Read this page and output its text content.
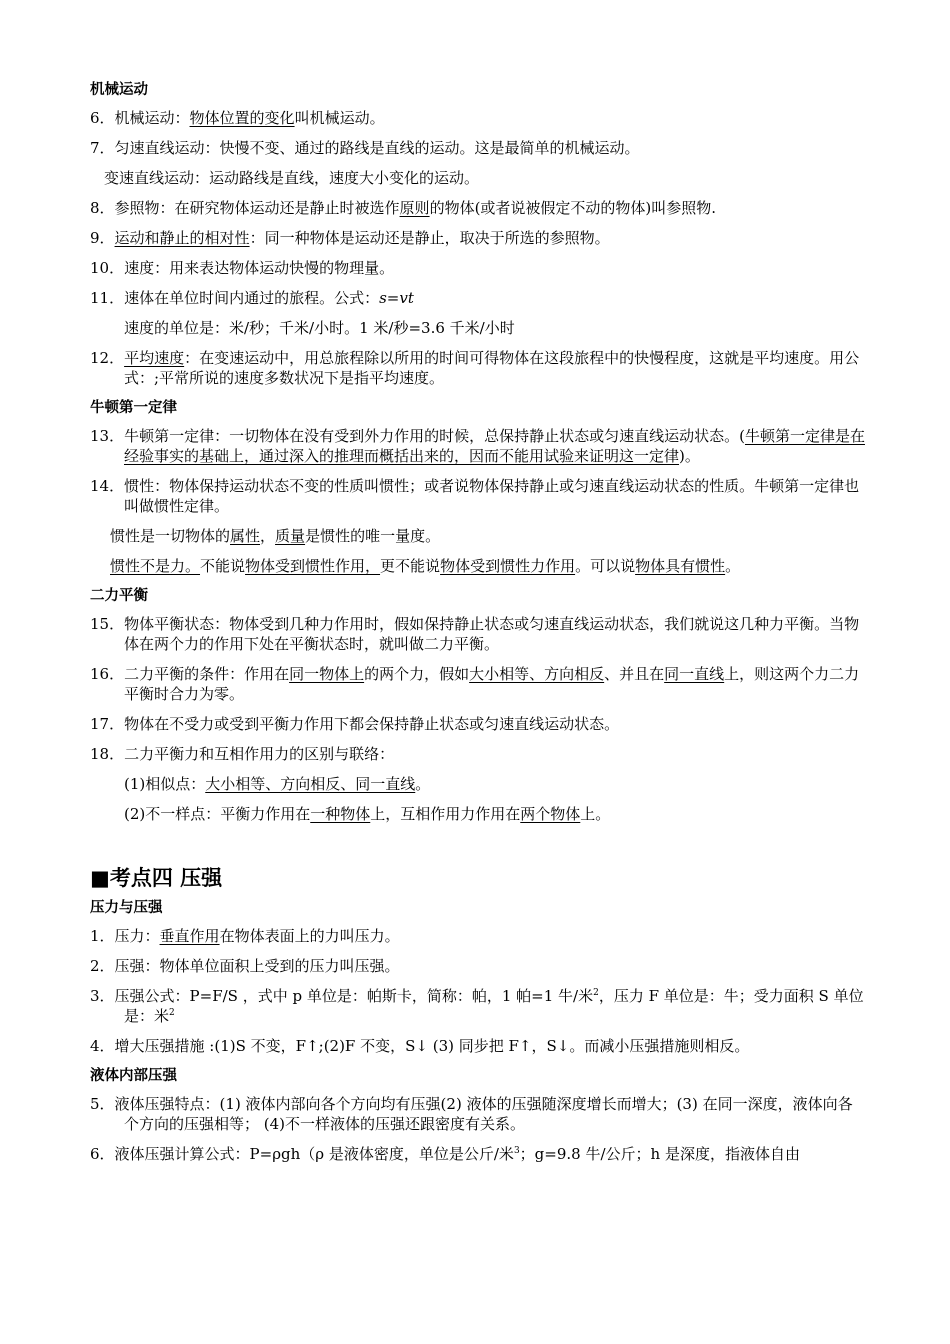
机械运动
6．机械运动：物体位置的变化叫机械运动。
7．匀速直线运动：快慢不变、通过的路线是直线的运动。这是最简单的机械运动。
变速直线运动：运动路线是直线，速度大小变化的运动。
8．参照物：在研究物体运动还是静止时被选作原则的物体(或者说被假定不动的物体)叫参照物.
9．运动和静止的相对性：同一种物体是运动还是静止，取决于所选的参照物。
10．速度：用来表达物体运动快慢的物理量。
11．速体在单位时间内通过的旅程。公式：s=vt
速度的单位是：米/秒；千米/小时。1 米/秒=3.6 千米/小时
12．平均速度：在变速运动中，用总旅程除以所用的时间可得物体在这段旅程中的快慢程度，这就是平均速度。用公式：;平常所说的速度多数状况下是指平均速度。
牛顿第一定律
13．牛顿第一定律：一切物体在没有受到外力作用的时候，总保持静止状态或匀速直线运动状态。(牛顿第一定律是在经验事实的基础上，通过深入的推理而概括出来的，因而不能用试验来证明这一定律)。
14．惯性：物体保持运动状态不变的性质叫惯性；或者说物体保持静止或匀速直线运动状态的性质。牛顿第一定律也叫做惯性定律。
惯性是一切物体的属性，质量是惯性的唯一量度。
惯性不是力。不能说物体受到惯性作用，更不能说物体受到惯性力作用。可以说物体具有惯性。
二力平衡
15．物体平衡状态：物体受到几种力作用时，假如保持静止状态或匀速直线运动状态，我们就说这几种力平衡。当物体在两个力的作用下处在平衡状态时，就叫做二力平衡。
16．二力平衡的条件：作用在同一物体上的两个力，假如大小相等、方向相反、并且在同一直线上，则这两个力二力平衡时合力为零。
17．物体在不受力或受到平衡力作用下都会保持静止状态或匀速直线运动状态。
18．二力平衡力和互相作用力的区别与联络：
(1)相似点：大小相等、方向相反、同一直线。
(2)不一样点：平衡力作用在一种物体上，互相作用力作用在两个物体上。
■考点四 压强
压力与压强
1．压力：垂直作用在物体表面上的力叫压力。
2．压强：物体单位面积上受到的压力叫压强。
3．压强公式：P=F/S ，式中 p 单位是：帕斯卡，简称：帕，1 帕=1 牛/米$^2$，压力 F 单位是：牛；受力面积 S 单位是：米$^2$
4．增大压强措施 :(1)S 不变，F↑;(2)F 不变，S↓ (3) 同步把 F↑，S↓。而减小压强措施则相反。
液体内部压强
5．液体压强特点：(1) 液体内部向各个方向均有压强(2) 液体的压强随深度增长而增大；(3) 在同一深度，液体向各个方向的压强相等； (4)不一样液体的压强还跟密度有关系。
6．液体压强计算公式：P=ρgh（ρ 是液体密度，单位是公斤/米$^3$；g=9.8 牛/公斤；h 是深度，指液体自由
